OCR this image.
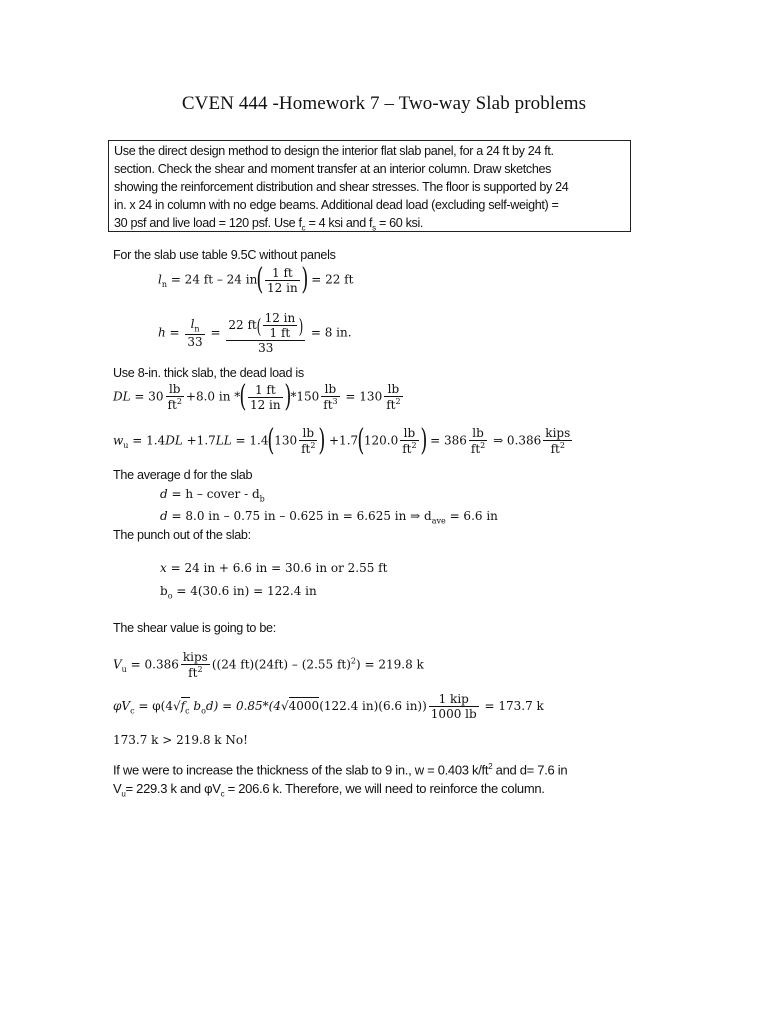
CVEN 444 -Homework 7 – Two-way Slab problems

Use the direct design method to design the interior flat slab panel, for a 24 ft by 24 ft.

section. Check the shear and moment transfer at an interior column. Draw sketches

showing the reinforcement distribution and shear stresses. The floor is supported by 24

in. x 24 in column with no edge beams. Additional dead load (excluding self-weight) =

30 psf and live load = 120 psf. Use $f_c = 4$ ksi and $f_s = 60$ ksi.

For the slab use table 9.5C without panels
$l_n = 24$ ft – 24 $in( \frac{1 ft}{12 in}$ ) = 22 ft
$h = \frac{l_n}{33} = \frac{22 ft( \frac{12 in}{1 ft} )}{33} = 8$ in.
Use 8-in. thick slab, the dead load is
DL = $30 \frac{lb}{ft^2} +8.0$ in *( $\frac{1 ft}{12 in} )*150 \frac{lb}{ft^3} = 130 \frac{lb}{ft^2}$
$w_u = 1.4DL +1.7LL = 1.4(130 \frac{lb}{ft^2}$ ) $+1.7(120.0 \frac{lb}{ft^2}$ ) = $386 \frac{lb}{ft^2}$ ⇒ $0.386 \frac{\text{kips}}{ft^2}$
The average d for the slab
d = h – cover - $d_b$
d = 8.0 in – 0.75 in – 0.625 in = 6.625 in ⇒ $d_{ave} = 6.6$ in
The punch out of the slab:
x = 24 in + 6.6 in = 30.6 in or 2.55 ft
$b_o = 4(30.6$ in) = 122.4 in
The shear value is going to be:
$V_u = 0.386 \frac{\text{kips}}{ft^2} ((24$ ft)(24ft) – (2.55 ft)$^2$) = 219.8 k
$\varphi V_c = \varphi(4√f_c$ $b_od) = 0.85*(4√4000(122.4$ in)(6.6 $in)) \frac{\text{1 kip}}{1000 lb} = 173.7$ k
173.7 k > 219.8 k No!
If we were to increase the thickness of the slab to 9 in., w = 0.403 $k/ft^2$ and d= 7.6 in
$V_u= 229.3$ k and $\varphi V_c = 206.6$ k. Therefore, we will need to reinforce the column.
